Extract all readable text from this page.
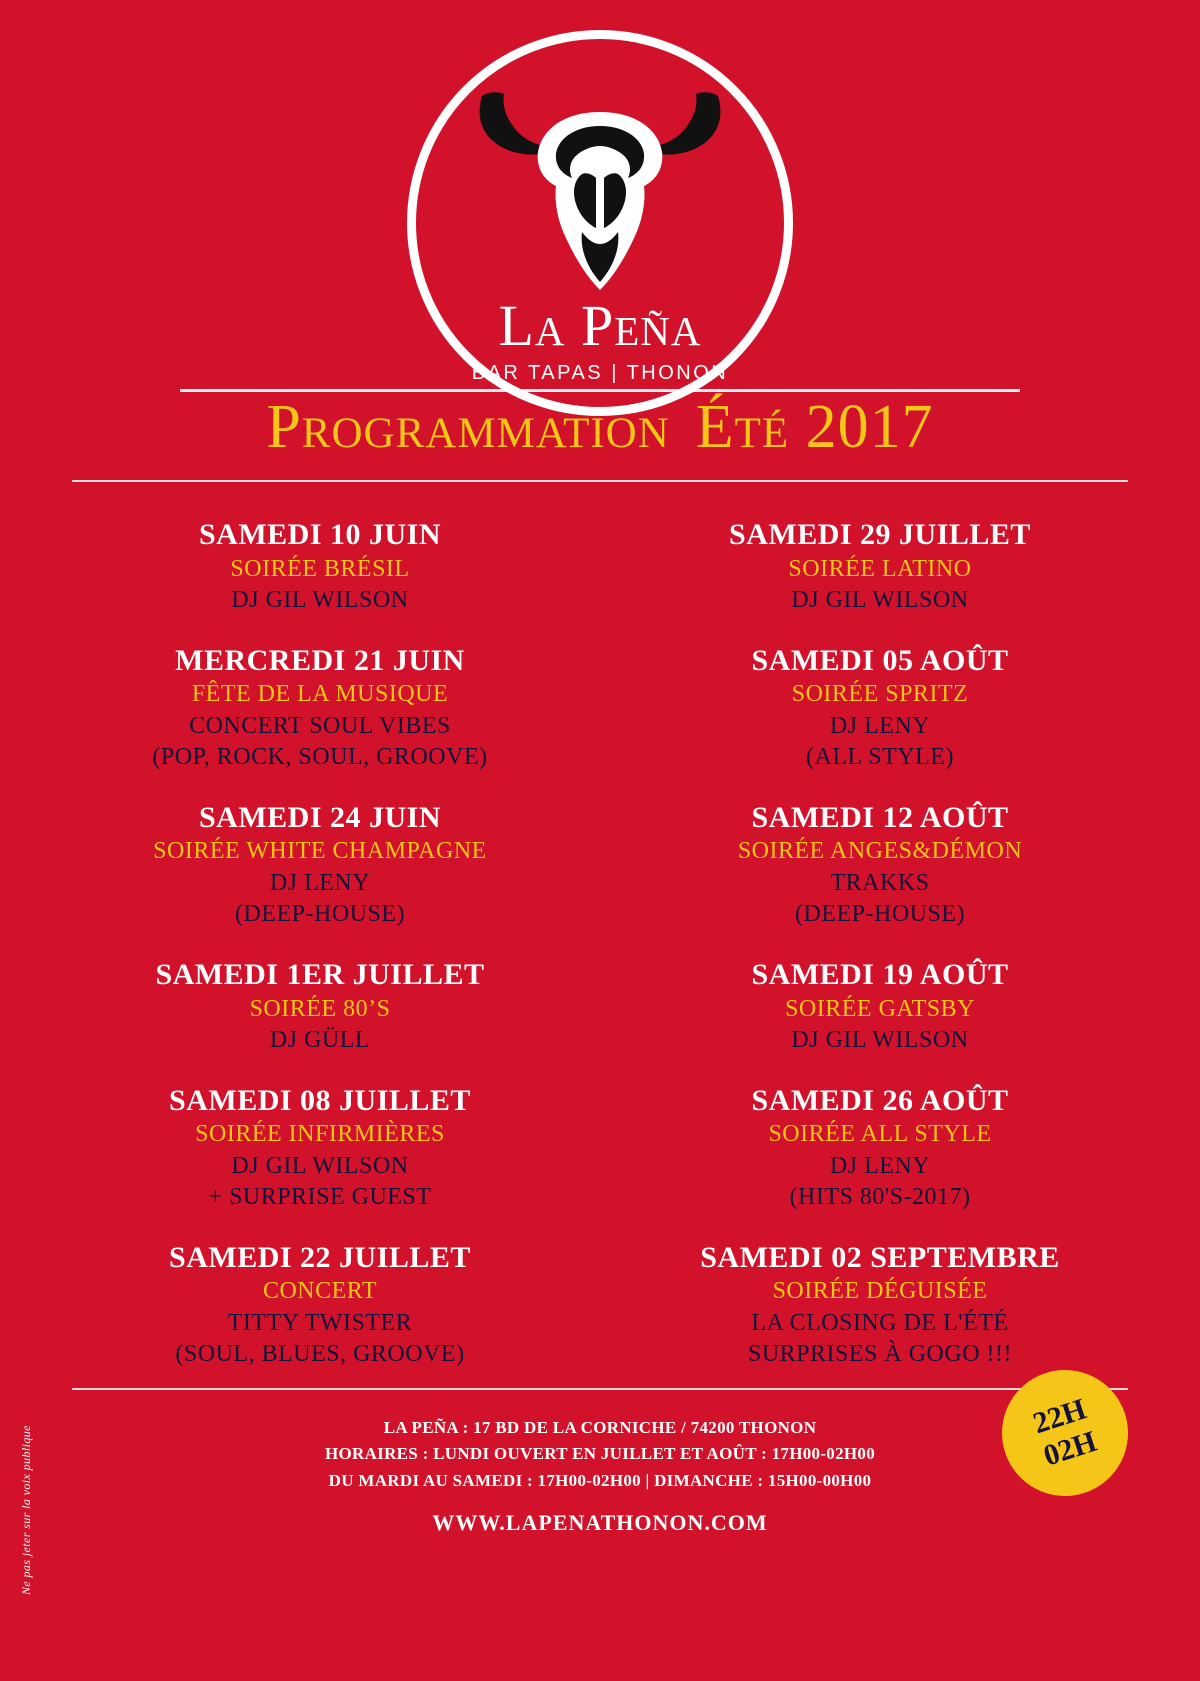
La Peña
BAR TAPAS | THONON
Programmation Été 2017
SAMEDI 10 JUIN
SOIRÉE BRÉSIL
DJ GIL WILSON
MERCREDI 21 JUIN
FÊTE DE LA MUSIQUE
CONCERT SOUL VIBES
(POP, ROCK, SOUL, GROOVE)
SAMEDI 24 JUIN
SOIRÉE WHITE CHAMPAGNE
DJ LENY
(DEEP-HOUSE)
SAMEDI 1ER JUILLET
SOIRÉE 80’S
DJ GÜLL
SAMEDI 08 JUILLET
SOIRÉE INFIRMIÈRES
DJ GIL WILSON
+ SURPRISE GUEST
SAMEDI 22 JUILLET
CONCERT
TITTY TWISTER
(SOUL, BLUES, GROOVE)
SAMEDI 29 JUILLET
SOIRÉE LATINO
DJ GIL WILSON
SAMEDI 05 AOÛT
SOIRÉE SPRITZ
DJ LENY
(ALL STYLE)
SAMEDI 12 AOÛT
SOIRÉE ANGES&DÉMON
TRAKKS
(DEEP-HOUSE)
SAMEDI 19 AOÛT
SOIRÉE GATSBY
DJ GIL WILSON
SAMEDI 26 AOÛT
SOIRÉE ALL STYLE
DJ LENY
(HITS 80'S-2017)
SAMEDI 02 SEPTEMBRE
SOIRÉE DÉGUISÉE
LA CLOSING DE L'ÉTÉ
SURPRISES À GOGO !!!
22H
02H
LA PEÑA : 17 BD DE LA CORNICHE / 74200 THONON
HORAIRES : LUNDI OUVERT EN JUILLET ET AOÛT : 17H00-02H00
DU MARDI AU SAMEDI : 17H00-02H00 | DIMANCHE : 15H00-00H00
WWW.LAPENATHONON.COM
Ne pas jeter sur la voix publique
